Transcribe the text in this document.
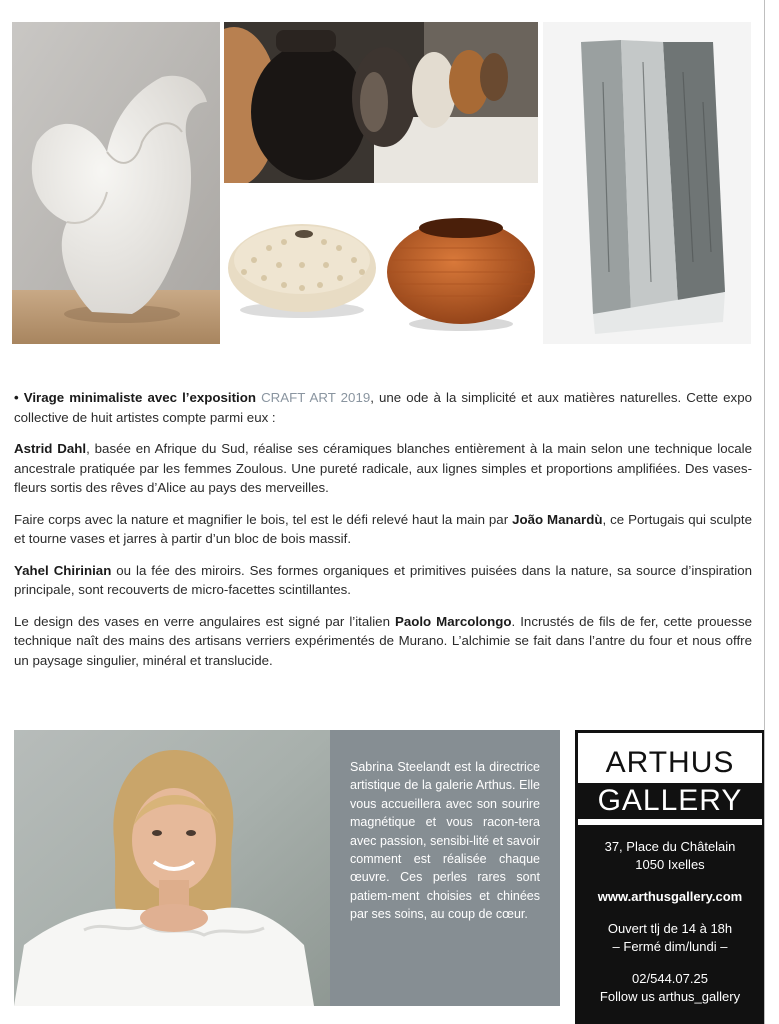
• Virage minimaliste avec l’exposition CRAFT ART 2019, une ode à la simplicité et aux matières naturelles. Cette expo collective de huit artistes compte parmi eux :

Astrid Dahl, basée en Afrique du Sud, réalise ses céramiques blanches entièrement à la main selon une technique locale ancestrale pratiquée par les femmes Zoulous. Une pureté radicale, aux lignes simples et proportions amplifiées. Des vases-fleurs sortis des rêves d’Alice au pays des merveilles.

Faire corps avec la nature et magnifier le bois, tel est le défi relevé haut la main par João Manardù, ce Portugais qui sculpte et tourne vases et jarres à partir d’un bloc de bois massif.

Yahel Chirinian ou la fée des miroirs. Ses formes organiques et primitives puisées dans la nature, sa source d’inspiration principale, sont recouverts de micro-facettes scintillantes.

Le design des vases en verre angulaires est signé par l’italien Paolo Marcolongo. Incrustés de fils de fer, cette prouesse technique naît des mains des artisans verriers expérimentés de Murano. L’alchimie se fait dans l’antre du four et nous offre un paysage singulier, minéral et translucide.

Sabrina Steelandt est la directrice artistique de la galerie Arthus. Elle vous accueillera avec son sourire magnétique et vous racon-tera avec passion, sensibi-lité et savoir comment est réalisée chaque œuvre. Ces perles rares sont patiem-ment choisies et chinées par ses soins, au coup de cœur.

ARTHUS
GALLERY
37, Place du Châtelain
1050 Ixelles
www.arthusgallery.com
Ouvert tlj de 14 à 18h
– Fermé dim/lundi –
02/544.07.25
Follow us arthus_gallery
